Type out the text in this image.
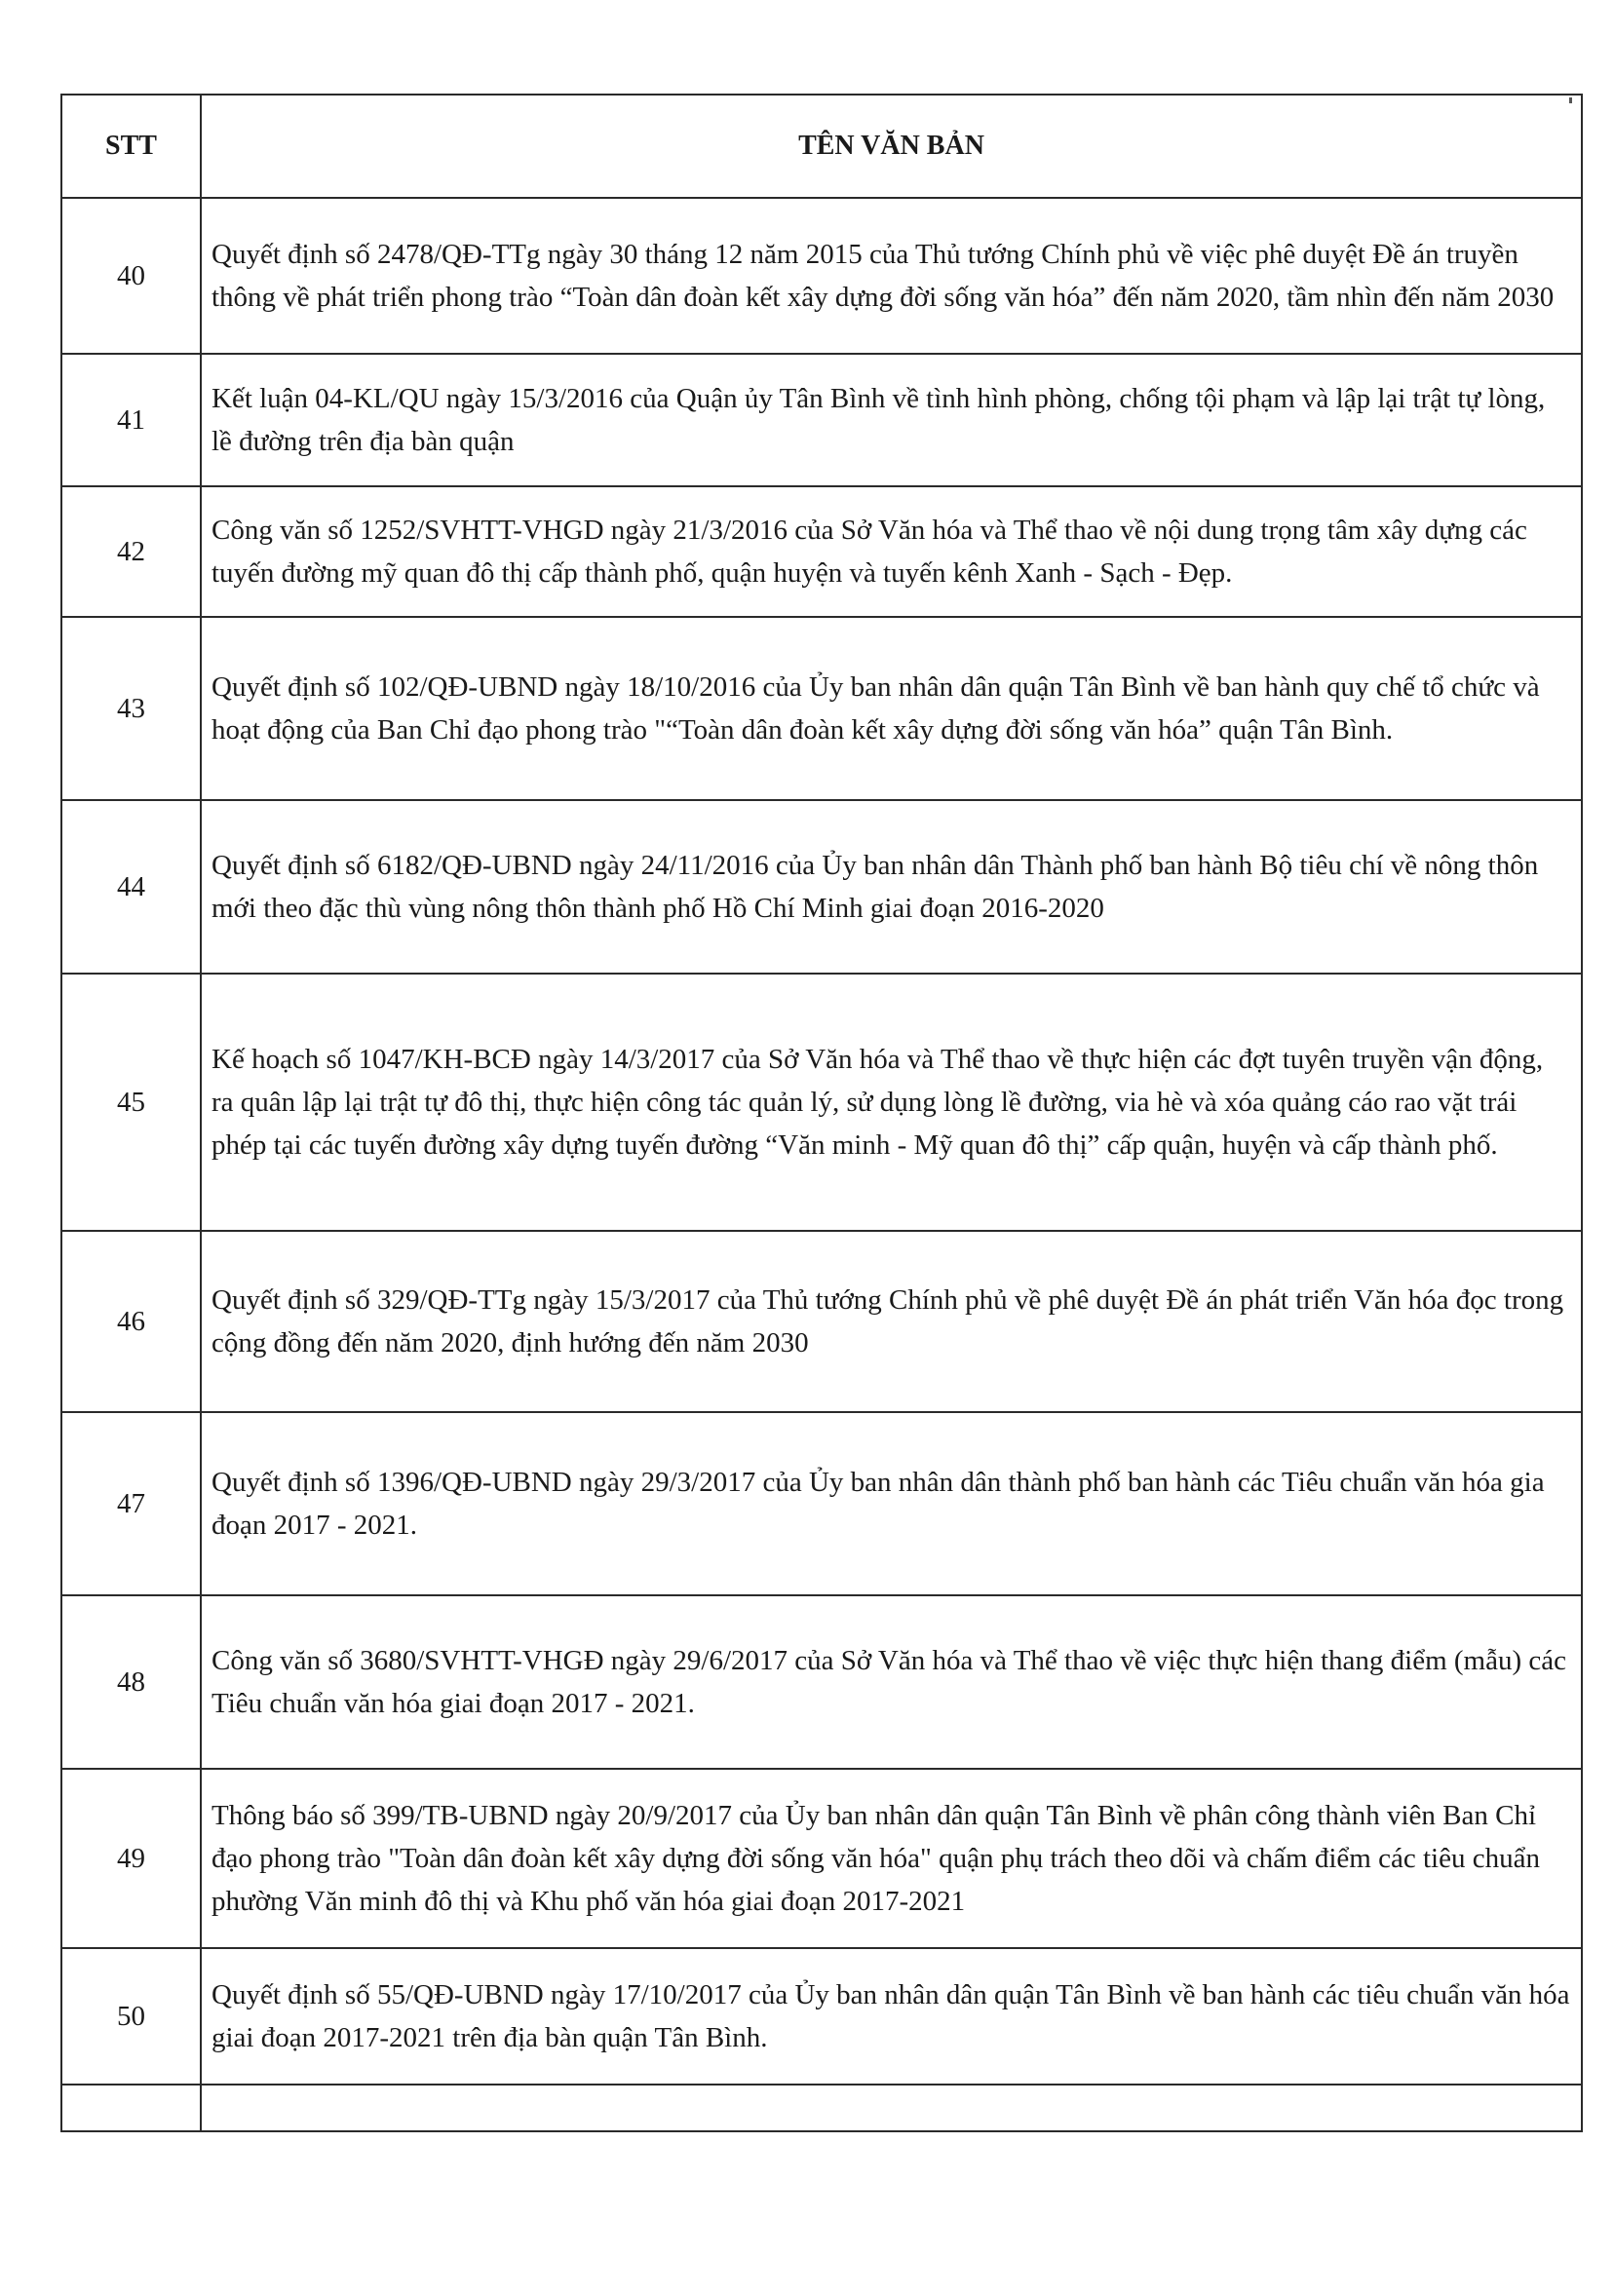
STT	TÊN VĂN BẢN
40	Quyết định số 2478/QĐ-TTg ngày 30 tháng 12 năm 2015 của Thủ tướng Chính phủ về việc phê duyệt Đề án truyền thông về phát triển phong trào “Toàn dân đoàn kết xây dựng đời sống văn hóa” đến năm 2020, tầm nhìn đến năm 2030
41	Kết luận 04-KL/QU ngày 15/3/2016 của Quận ủy Tân Bình về tình hình phòng, chống tội phạm và lập lại trật tự lòng, lề đường trên địa bàn quận
42	Công văn số 1252/SVHTT-VHGD ngày 21/3/2016 của Sở Văn hóa và Thể thao về nội dung trọng tâm xây dựng các tuyến đường mỹ quan đô thị cấp thành phố, quận huyện và tuyến kênh Xanh - Sạch - Đẹp.
43	Quyết định số 102/QĐ-UBND ngày 18/10/2016 của Ủy ban nhân dân quận Tân Bình về ban hành quy chế tổ chức và hoạt động của Ban Chỉ đạo phong trào "“Toàn dân đoàn kết xây dựng đời sống văn hóa” quận Tân Bình.
44	Quyết định số 6182/QĐ-UBND ngày 24/11/2016 của Ủy ban nhân dân Thành phố ban hành Bộ tiêu chí về nông thôn mới theo đặc thù vùng nông thôn thành phố Hồ Chí Minh giai đoạn 2016-2020
45	Kế hoạch số 1047/KH-BCĐ ngày 14/3/2017 của Sở Văn hóa và Thể thao về thực hiện các đợt tuyên truyền vận động, ra quân lập lại trật tự đô thị, thực hiện công tác quản lý, sử dụng lòng lề đường, via hè và xóa quảng cáo rao vặt trái phép tại các tuyến đường xây dựng tuyến đường “Văn minh - Mỹ quan đô thị” cấp quận, huyện và cấp thành phố.
46	Quyết định số 329/QĐ-TTg ngày 15/3/2017 của Thủ tướng Chính phủ về phê duyệt Đề án phát triển Văn hóa đọc trong cộng đồng đến năm 2020, định hướng đến năm 2030
47	Quyết định số 1396/QĐ-UBND ngày 29/3/2017 của Ủy ban nhân dân thành phố ban hành các Tiêu chuẩn văn hóa gia đoạn 2017 - 2021.
48	Công văn số 3680/SVHTT-VHGĐ ngày 29/6/2017 của Sở Văn hóa và Thể thao về việc thực hiện thang điểm (mẫu) các Tiêu chuẩn văn hóa giai đoạn 2017 - 2021.
49	Thông báo số 399/TB-UBND ngày 20/9/2017 của Ủy ban nhân dân quận Tân Bình về phân công thành viên Ban Chỉ đạo phong trào "Toàn dân đoàn kết xây dựng đời sống văn hóa" quận phụ trách theo dõi và chấm điểm các tiêu chuẩn phường Văn minh đô thị và Khu phố văn hóa giai đoạn 2017-2021
50	Quyết định số 55/QĐ-UBND ngày 17/10/2017 của Ủy ban nhân dân quận Tân Bình về ban hành các tiêu chuẩn văn hóa giai đoạn 2017-2021 trên địa bàn quận Tân Bình.
